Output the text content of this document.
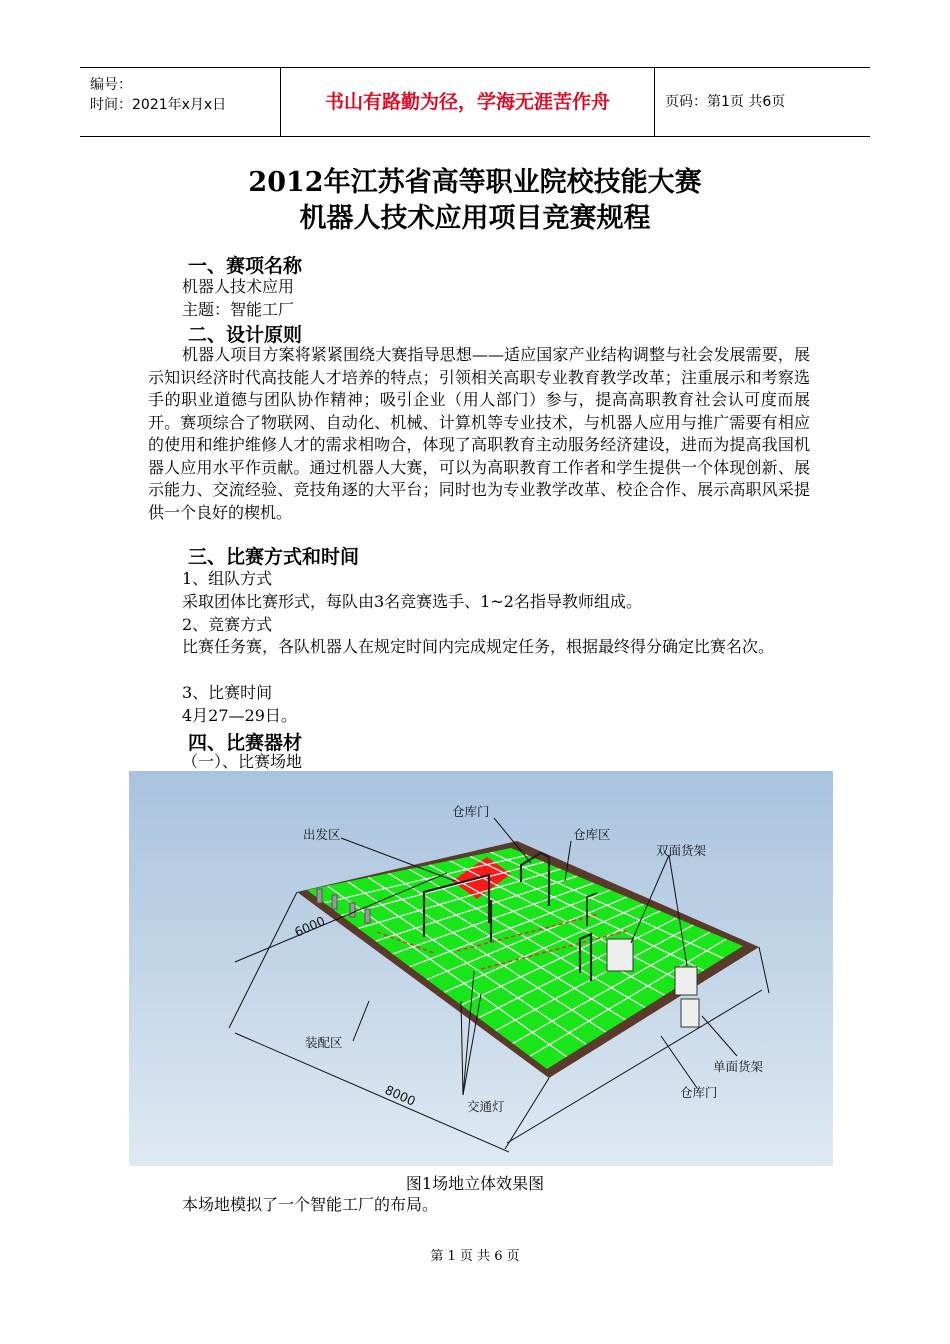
编号：
时间：2021年x月x日	书山有路勤为径，学海无涯苦作舟	页码：第1页 共6页
2012年江苏省高等职业院校技能大赛
机器人技术应用项目竞赛规程
一、赛项名称
机器人技术应用
主题：智能工厂
二、设计原则
机器人项目方案将紧紧围绕大赛指导思想——适应国家产业结构调整与社会发展需要，展示知识经济时代高技能人才培养的特点；引领相关高职专业教育教学改革；注重展示和考察选手的职业道德与团队协作精神；吸引企业（用人部门）参与，提高高职教育社会认可度而展开。赛项综合了物联网、自动化、机械、计算机等专业技术，与机器人应用与推广需要有相应的使用和维护维修人才的需求相吻合，体现了高职教育主动服务经济建设，进而为提高我国机器人应用水平作贡献。通过机器人大赛，可以为高职教育工作者和学生提供一个体现创新、展示能力、交流经验、竞技角逐的大平台；同时也为专业教学改革、校企合作、展示高职风采提供一个良好的楔机。
三、比赛方式和时间
1、组队方式
采取团体比赛形式，每队由3名竞赛选手、1~2名指导教师组成。
2、竞赛方式
比赛任务赛，各队机器人在规定时间内完成规定任务，根据最终得分确定比赛名次。
3、比赛时间
4月27—29日。
四、比赛器材
（一）、比赛场地
出发区
仓库门
仓库区
双面货架
6000
装配区
单面货架
仓库门
8000	交通灯
图1场地立体效果图
本场地模拟了一个智能工厂的布局。
第 1 页 共 6 页
